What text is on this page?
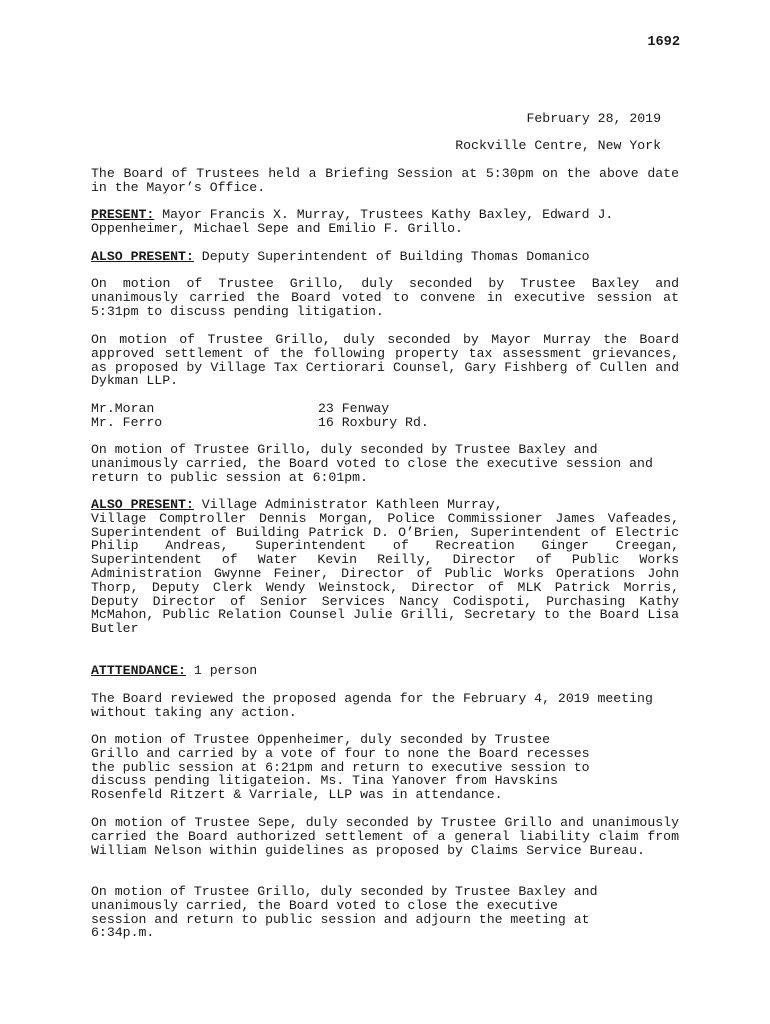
1692
February 28, 2019
Rockville Centre, New York
The Board of Trustees held a Briefing Session at 5:30pm on the above date in the Mayor’s Office.
PRESENT: Mayor Francis X. Murray, Trustees Kathy Baxley, Edward J. Oppenheimer, Michael Sepe and Emilio F. Grillo.
ALSO PRESENT: Deputy Superintendent of Building Thomas Domanico
On motion of Trustee Grillo, duly seconded by Trustee Baxley and unanimously carried the Board voted to convene in executive session at 5:31pm to discuss pending litigation.
On motion of Trustee Grillo, duly seconded by Mayor Murray the Board approved settlement of the following property tax assessment grievances, as proposed by Village Tax Certiorari Counsel, Gary Fishberg of Cullen and Dykman LLP.
Mr.Moran	23 Fenway
Mr. Ferro	16 Roxbury Rd.
On motion of Trustee Grillo, duly seconded by Trustee Baxley and unanimously carried, the Board voted to close the executive session and return to public session at 6:01pm.
ALSO PRESENT: Village Administrator Kathleen Murray,
Village Comptroller Dennis Morgan, Police Commissioner James Vafeades, Superintendent of Building Patrick D. O’Brien, Superintendent of Electric Philip Andreas, Superintendent of Recreation Ginger Creegan, Superintendent of Water Kevin Reilly, Director of Public Works Administration Gwynne Feiner, Director of Public Works Operations John Thorp, Deputy Clerk Wendy Weinstock, Director of MLK Patrick Morris, Deputy Director of Senior Services Nancy Codispoti, Purchasing Kathy McMahon, Public Relation Counsel Julie Grilli, Secretary to the Board Lisa Butler
ATTTENDANCE: 1 person
The Board reviewed the proposed agenda for the February 4, 2019 meeting without taking any action.
On motion of Trustee Oppenheimer, duly seconded by Trustee
Grillo and carried by a vote of four to none the Board recesses
the public session at 6:21pm and return to executive session to
discuss pending litigateion. Ms. Tina Yanover from Havskins
Rosenfeld Ritzert & Varriale, LLP was in attendance.
On motion of Trustee Sepe, duly seconded by Trustee Grillo and unanimously carried the Board authorized settlement of a general liability claim from William Nelson within guidelines as proposed by Claims Service Bureau.
On motion of Trustee Grillo, duly seconded by Trustee Baxley and
unanimously carried, the Board voted to close the executive
session and return to public session and adjourn the meeting at
6:34p.m.
